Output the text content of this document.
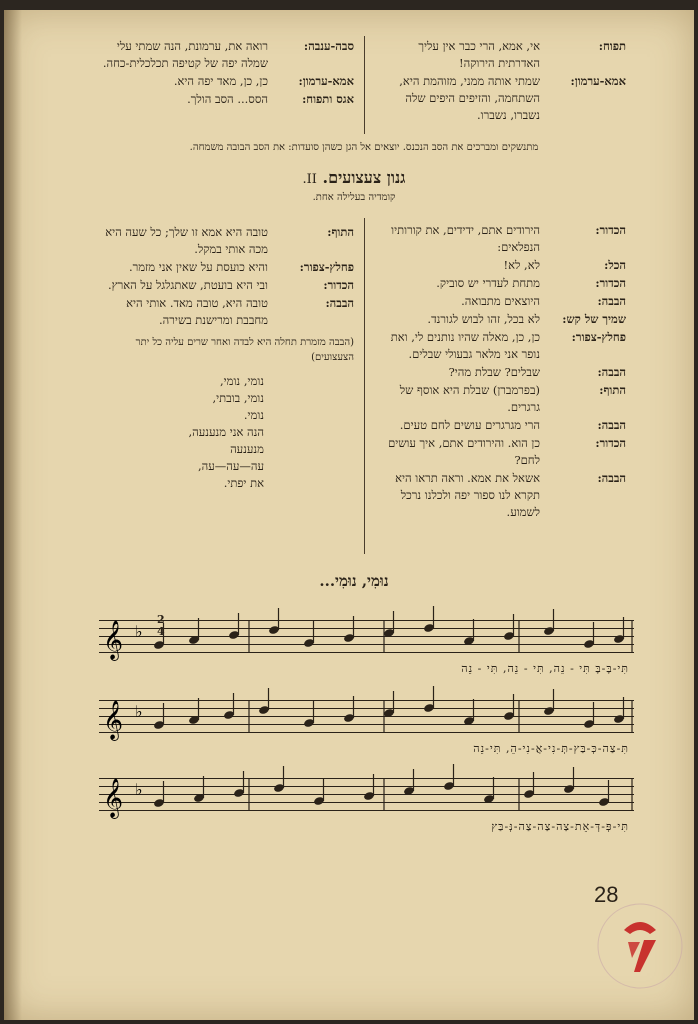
תפוח:
אי, אמא, הרי כבר אין עליך האדרתית הירוקה!
אמא-ערמון:
שמתי אותה ממני, מזוהמת היא, השתחמה, והזיפים היפים שלה נשברו, נשברו.
סבה-ענבה:
רואה את, ערמונת, הנה שמתי עלי שמלה יפה של קטיפה תכלכלית-כחה.
אמא-ערמון:
כן, כן, מאד יפה היא.
אגס ותפוח:
הסס... הסב הולך.
מתנשקים ומברכים את הסב הנכנס. יוצאים אל הגן כשהן סועדות: את הסב הבובה משמחה.
גנון צעצועים. II.
קומדיה בעלילה אחת.
הכדור:
הירודים אתם, ידידים, את קורותיו הנפלאים:
הכל:
לא, לא!
הכדור:
מתחת לעדרי יש סוביק.
הבבה:
היוצאים מתבואה.
שמיך של קש:
לא בכל, זהו לבוש לגורנד.
פחלץ-צפור:
כן, כן, מאלה שהיו נותנים לי, ואת נופר אני מלאר גבעולי שבלים.
הבבה:
שבלים? שבלת מהי?
התוף:
(בפרמברן) שבלת היא אוסף של גרגרים.
הבבה:
הרי מגרגרים עושים לחם טעים.
הכדור:
כן הוא. והירודים אתם, איך עושים לחם?
הבבה:
אשאל את אמא. וראה תראו היא תקרא לנו ספור יפה ולכלנו נרכל לשמוע.
התוף:
טובה היא אמא זו שלך; כל שעה היא מכה אותי במקל.
פחלץ-צפור:
והיא כועסת על שאין אני מזמר.
הכדור:
ובי היא בועטת, שאתגלגל על הארץ.
הבבה:
טובה היא, טובה מאד. אותי היא מחבבת ומרישנת בשירה.
(הבבה מזמרת תחלה היא לבדה ואחר שרים עליה כל יתר הצעצועים)
נומי, נומי,
נומי, בובתי,
נומי.
הנה אני מנענעה,
מנענעה
עה—עה—עה,
את יפתי.
נוּמִי, נוּמִי...
𝄞 ♭
תִּי-בָּ-בָּ תִּי - נֵה, תִּי - נֵה, תִּי - נֵה
𝄞 ♭
תִּ-צַה-כְּ-בַּץ-תְּ-נִי-אֲ-נִי-הֵ, תִּי-נֵה
𝄞 ♭
תִּי-פְּ-דְּ-אֵת-צַה-צַה-צַה-נְּ-בַּץ
2
4
28
